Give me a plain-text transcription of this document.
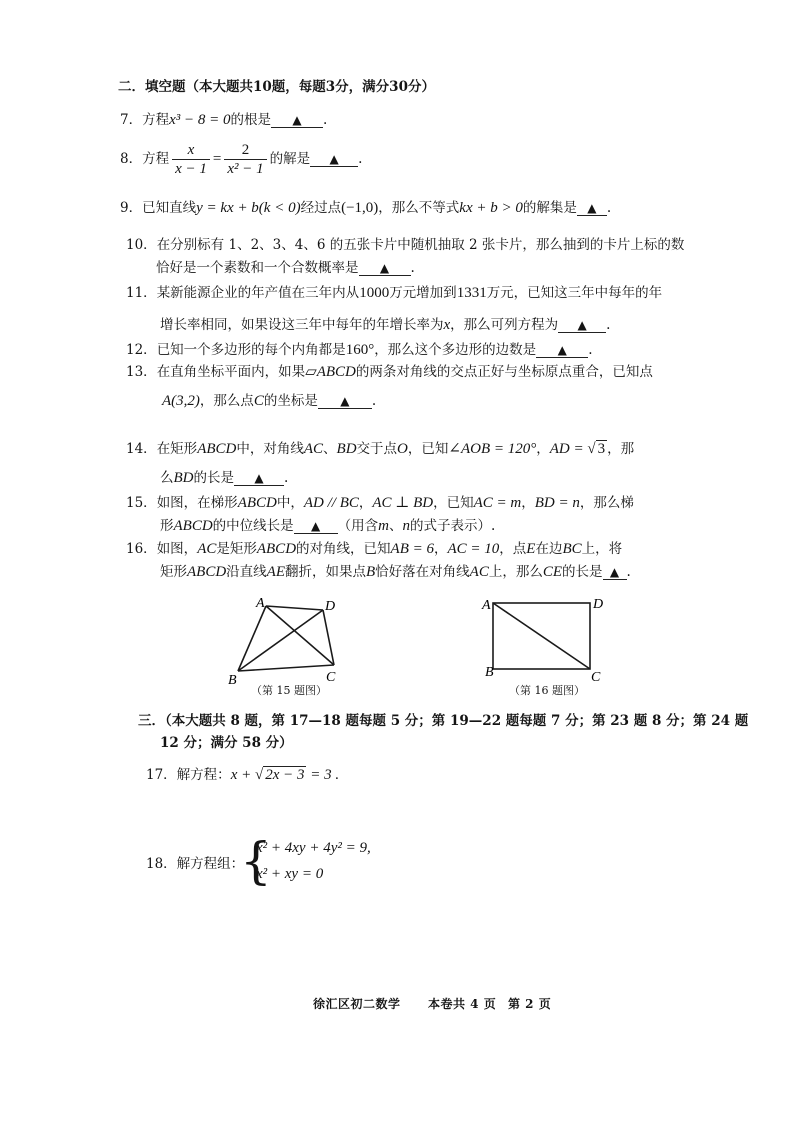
二．填空题（本大题共10题，每题3分，满分30分）
7．方程x³ − 8 = 0的根是 ▲ .
8．方程 $\frac{x}{x - 1} = \frac{2}{\text{x² − 1}}$ 的解是 ▲ .
9．已知直线y = kx + b(k < 0)经过点(−1,0)，那么不等式kx + b > 0的解集是 ▲ .
10．在分别标有 1、2、3、4、6 的五张卡片中随机抽取 2 张卡片，那么抽到的卡片上标的数
恰好是一个素数和一个合数概率是 ▲ .
11．某新能源企业的年产值在三年内从1000万元增加到1331万元，已知这三年中每年的年
增长率相同，如果设这三年中每年的年增长率为x，那么可列方程为 ▲ .
12．已知一个多边形的每个内角都是160°，那么这个多边形的边数是 ▲ .
13．在直角坐标平面内，如果▱ABCD的两条对角线的交点正好与坐标原点重合，已知点
A(3,2)，那么点C的坐标是 ▲ .
14．在矩形ABCD中，对角线AC、BD交于点O，已知∠AOB = 120°，AD = √ 3 ，那
么BD的长是 ▲ .
15．如图，在梯形ABCD中，AD // BC，AC ⊥ BD，已知AC = m，BD = n，那么梯
形ABCD的中位线长是 ▲ （用含m、n的式子表示）.
16．如图，AC是矩形ABCD的对角线，已知AB = 6，AC = 10，点E在边BC上，将
矩形ABCD沿直线AE翻折，如果点B恰好落在对角线AC上，那么CE的长是 ▲ .
A	D
B	C
（第 15 题图）
A	D
B	C
（第 16 题图）
三．（本大题共 8 题，第 17—18 题每题 5 分；第 19—22 题每题 7 分；第 23 题 8 分；第 24 题
12 分；满分 58 分）
17．解方程：x + √ 2x − 3 = 3 .
18．解方程组：
{
x² + 4xy + 4y² = 9,
x² + xy = 0
徐汇区初二数学 本卷共 4 页 第 2 页
